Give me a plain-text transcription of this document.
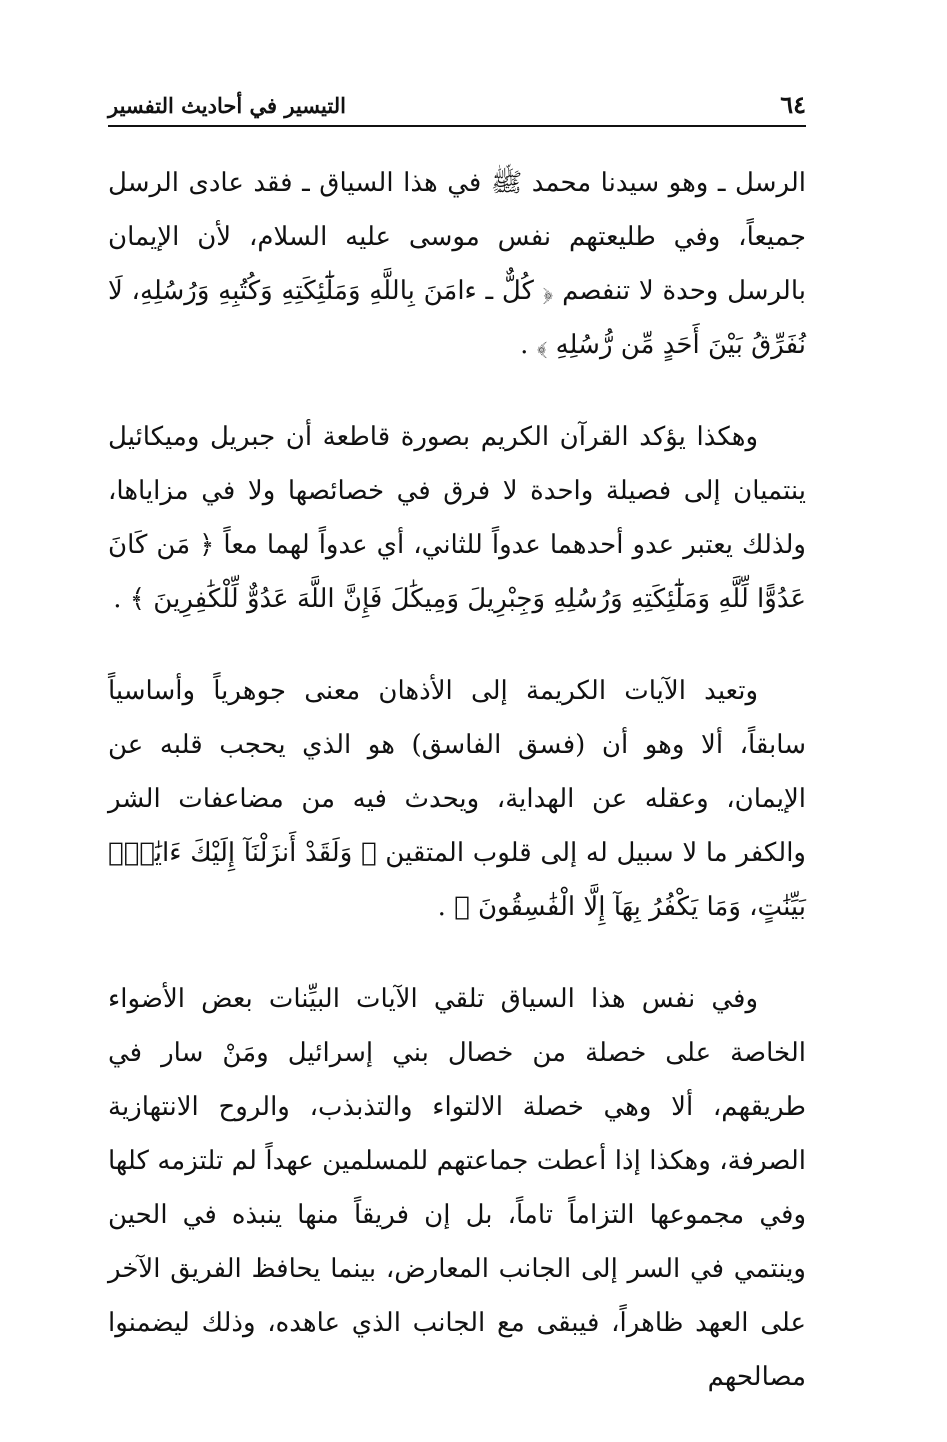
٦٤
التيسير في أحاديث التفسير

الرسل ـ وهو سيدنا محمد ﷺ في هذا السياق ـ فقد عادى الرسل جميعاً، وفي طليعتهم نفس موسى عليه السلام، لأن الإيمان بالرسل وحدة لا تنفصم ﴿ كُلٌّ ـ ءامَنَ بِاللَّهِ وَمَلَٰٓئِكَتِهِ وَكُتُبِهِ وَرُسُلِهِ، لَا نُفَرِّقُ بَيْنَ أَحَدٍ مِّن رُّسُلِهِ ﴾ .

وهكذا يؤكد القرآن الكريم بصورة قاطعة أن جبريل وميكائيل ينتميان إلى فصيلة واحدة لا فرق في خصائصها ولا في مزاياها، ولذلك يعتبر عدو أحدهما عدواً للثاني، أي عدواً لهما معاً ﴿ مَن كَانَ عَدُوًّا لِّلَّهِ وَمَلَٰٓئِكَتِهِ وَرُسُلِهِ وَجِبْرِيلَ وَمِيكَٰلَ فَإِنَّ اللَّهَ عَدُوٌّ لِّلْكَٰفِرِينَ ﴾ .

وتعيد الآيات الكريمة إلى الأذهان معنى جوهرياً وأساسياً سابقاً، ألا وهو أن (فسق الفاسق) هو الذي يحجب قلبه عن الإيمان، وعقله عن الهداية، ويحدث فيه من مضاعفات الشر والكفر ما لا سبيل له إلى قلوب المتقين ﴿ وَلَقَدْ أَنزَلْنَآ إِلَيْكَ ءَايَٰتٍۭ بَيِّنَٰتٍ، وَمَا يَكْفُرُ بِهَآ إِلَّا الْفَٰسِقُونَ ﴾ .

وفي نفس هذا السياق تلقي الآيات البيِّنات بعض الأضواء الخاصة على خصلة من خصال بني إسرائيل ومَنْ سار في طريقهم، ألا وهي خصلة الالتواء والتذبذب، والروح الانتهازية الصرفة، وهكذا إذا أعطت جماعتهم للمسلمين عهداً لم تلتزمه كلها وفي مجموعها التزاماً تاماً، بل إن فريقاً منها ينبذه في الحين وينتمي في السر إلى الجانب المعارض، بينما يحافظ الفريق الآخر على العهد ظاهراً، فيبقى مع الجانب الذي عاهده، وذلك ليضمنوا مصالحهم
